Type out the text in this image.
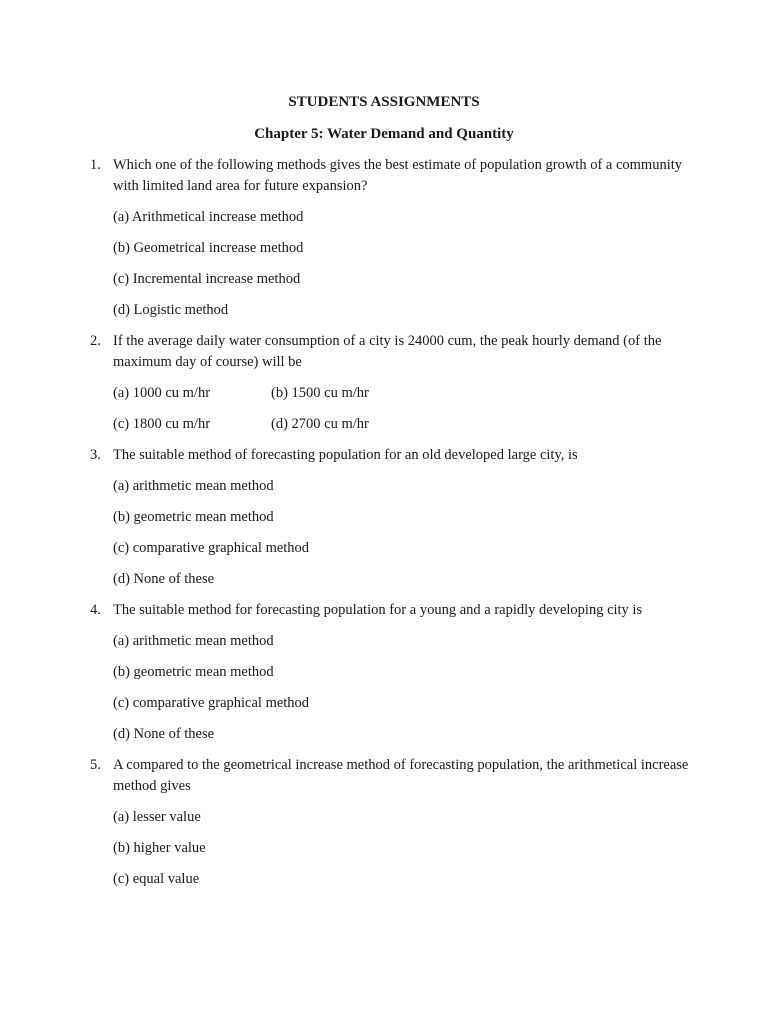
STUDENTS ASSIGNMENTS
Chapter 5: Water Demand and Quantity
1. Which one of the following methods gives the best estimate of population growth of a community with limited land area for future expansion?
(a) Arithmetical increase method
(b) Geometrical increase method
(c) Incremental increase method
(d) Logistic method
2. If the average daily water consumption of a city is 24000 cum, the peak hourly demand (of the maximum day of course) will be
(a) 1000 cu m/hr	(b) 1500 cu m/hr
(c) 1800 cu m/hr	(d) 2700 cu m/hr
3. The suitable method of forecasting population for an old developed large city, is
(a) arithmetic mean method
(b) geometric mean method
(c) comparative graphical method
(d) None of these
4. The suitable method for forecasting population for a young and a rapidly developing city is
(a) arithmetic mean method
(b) geometric mean method
(c) comparative graphical method
(d) None of these
5. A compared to the geometrical increase method of forecasting population, the arithmetical increase method gives
(a) lesser value
(b) higher value
(c) equal value
